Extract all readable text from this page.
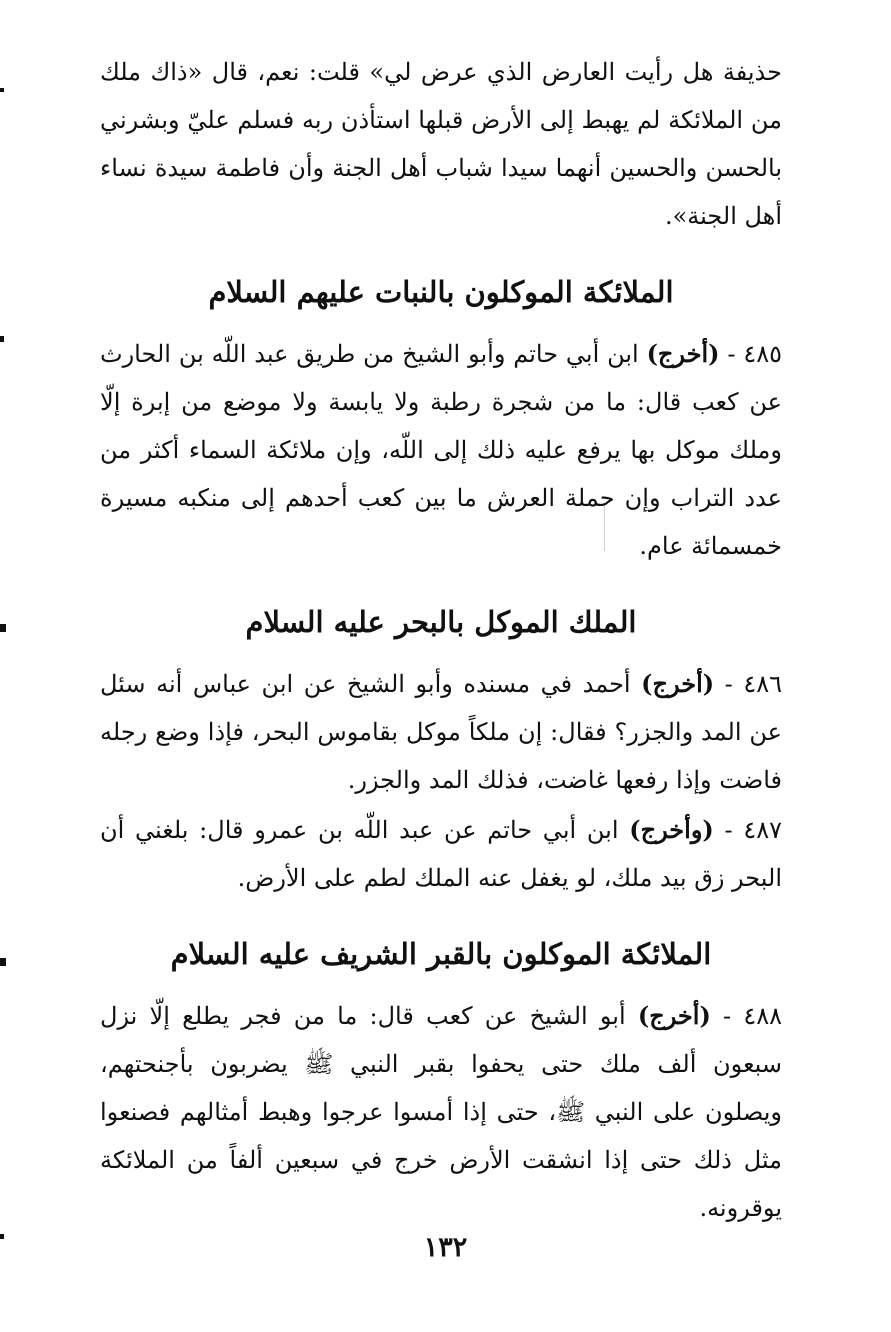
حذيفة هل رأيت العارض الذي عرض لي» قلت: نعم، قال «ذاك ملك من الملائكة لم يهبط إلى الأرض قبلها استأذن ربه فسلم عليّ وبشرني بالحسن والحسين أنهما سيدا شباب أهل الجنة وأن فاطمة سيدة نساء أهل الجنة».

الملائكة الموكلون بالنبات عليهم السلام

٤٨٥ - (أخرج) ابن أبي حاتم وأبو الشيخ من طريق عبد اللّه بن الحارث عن كعب قال: ما من شجرة رطبة ولا يابسة ولا موضع من إبرة إلّا وملك موكل بها يرفع عليه ذلك إلى اللّه، وإن ملائكة السماء أكثر من عدد التراب وإن حملة العرش ما بين كعب أحدهم إلى منكبه مسيرة خمسمائة عام.

الملك الموكل بالبحر عليه السلام

٤٨٦ - (أخرج) أحمد في مسنده وأبو الشيخ عن ابن عباس أنه سئل عن المد والجزر؟ فقال: إن ملكاً موكل بقاموس البحر، فإذا وضع رجله فاضت وإذا رفعها غاضت، فذلك المد والجزر.

٤٨٧ - (وأخرج) ابن أبي حاتم عن عبد اللّه بن عمرو قال: بلغني أن البحر زق بيد ملك، لو يغفل عنه الملك لطم على الأرض.

الملائكة الموكلون بالقبر الشريف عليه السلام

٤٨٨ - (أخرج) أبو الشيخ عن كعب قال: ما من فجر يطلع إلّا نزل سبعون ألف ملك حتى يحفوا بقبر النبي ﷺ يضربون بأجنحتهم، ويصلون على النبي ﷺ، حتى إذا أمسوا عرجوا وهبط أمثالهم فصنعوا مثل ذلك حتى إذا انشقت الأرض خرج في سبعين ألفاً من الملائكة يوقرونه.

١٣٢
